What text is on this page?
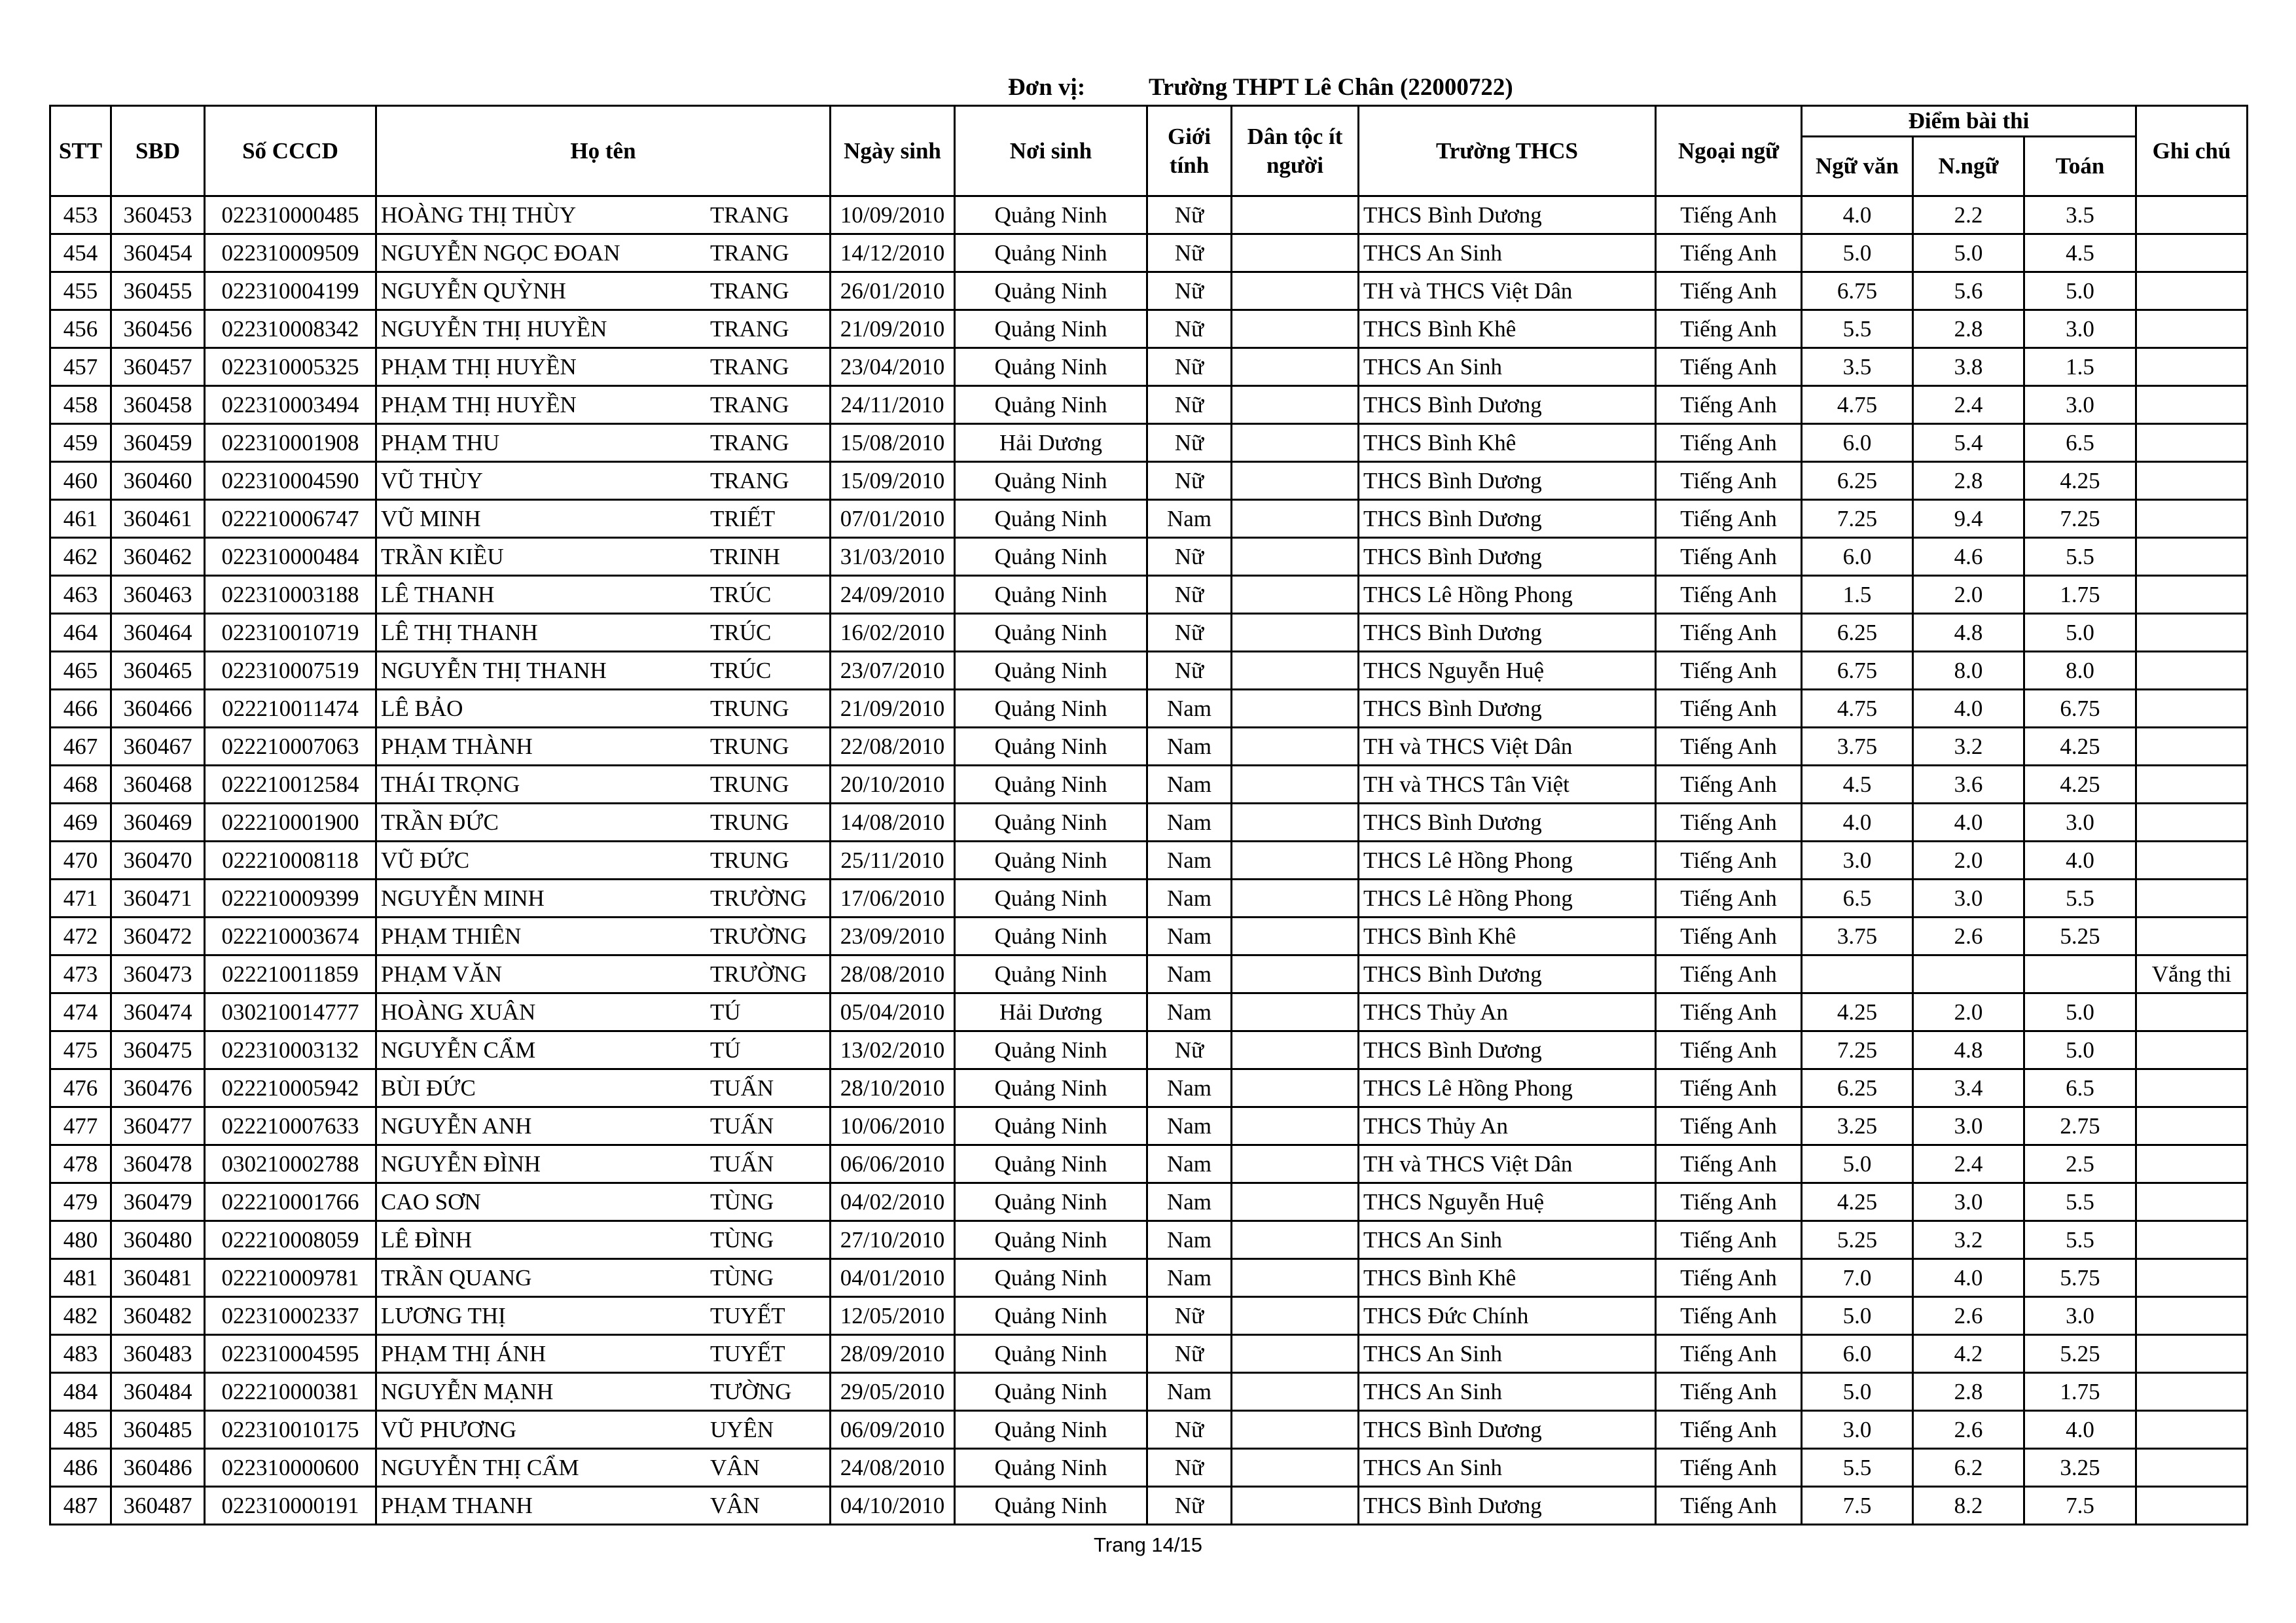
Đơn vị:	Trường THPT Lê Chân (22000722)
STT	SBD	Số CCCD	Họ tên	Ngày sinh	Nơi sinh	Giới tính	Dân tộc ít người	Trường THCS	Ngoại ngữ	Điểm bài thi			Ghi chú
										Ngữ văn	N.ngữ	Toán	
453	360453	022310000485	HOÀNG THỊ THÙY TRANG	10/09/2010	Quảng Ninh	Nữ		THCS Bình Dương	Tiếng Anh	4.0	2.2	3.5	
454	360454	022310009509	NGUYỄN NGỌC ĐOAN TRANG	14/12/2010	Quảng Ninh	Nữ		THCS An Sinh	Tiếng Anh	5.0	5.0	4.5	
455	360455	022310004199	NGUYỄN QUỲNH TRANG	26/01/2010	Quảng Ninh	Nữ		TH và THCS Việt Dân	Tiếng Anh	6.75	5.6	5.0	
456	360456	022310008342	NGUYỄN THỊ HUYỀN TRANG	21/09/2010	Quảng Ninh	Nữ		THCS Bình Khê	Tiếng Anh	5.5	2.8	3.0	
457	360457	022310005325	PHẠM THỊ HUYỀN TRANG	23/04/2010	Quảng Ninh	Nữ		THCS An Sinh	Tiếng Anh	3.5	3.8	1.5	
458	360458	022310003494	PHẠM THỊ HUYỀN TRANG	24/11/2010	Quảng Ninh	Nữ		THCS Bình Dương	Tiếng Anh	4.75	2.4	3.0	
459	360459	022310001908	PHẠM THU TRANG	15/08/2010	Hải Dương	Nữ		THCS Bình Khê	Tiếng Anh	6.0	5.4	6.5	
460	360460	022310004590	VŨ THÙY TRANG	15/09/2010	Quảng Ninh	Nữ		THCS Bình Dương	Tiếng Anh	6.25	2.8	4.25	
461	360461	022210006747	VŨ MINH TRIẾT	07/01/2010	Quảng Ninh	Nam		THCS Bình Dương	Tiếng Anh	7.25	9.4	7.25	
462	360462	022310000484	TRẦN KIỀU TRINH	31/03/2010	Quảng Ninh	Nữ		THCS Bình Dương	Tiếng Anh	6.0	4.6	5.5	
463	360463	022310003188	LÊ THANH TRÚC	24/09/2010	Quảng Ninh	Nữ		THCS Lê Hồng Phong	Tiếng Anh	1.5	2.0	1.75	
464	360464	022310010719	LÊ THỊ THANH TRÚC	16/02/2010	Quảng Ninh	Nữ		THCS Bình Dương	Tiếng Anh	6.25	4.8	5.0	
465	360465	022310007519	NGUYỄN THỊ THANH TRÚC	23/07/2010	Quảng Ninh	Nữ		THCS Nguyễn Huệ	Tiếng Anh	6.75	8.0	8.0	
466	360466	022210011474	LÊ BẢO TRUNG	21/09/2010	Quảng Ninh	Nam		THCS Bình Dương	Tiếng Anh	4.75	4.0	6.75	
467	360467	022210007063	PHẠM THÀNH TRUNG	22/08/2010	Quảng Ninh	Nam		TH và THCS Việt Dân	Tiếng Anh	3.75	3.2	4.25	
468	360468	022210012584	THÁI TRỌNG TRUNG	20/10/2010	Quảng Ninh	Nam		TH và THCS Tân Việt	Tiếng Anh	4.5	3.6	4.25	
469	360469	022210001900	TRẦN ĐỨC TRUNG	14/08/2010	Quảng Ninh	Nam		THCS Bình Dương	Tiếng Anh	4.0	4.0	3.0	
470	360470	022210008118	VŨ ĐỨC TRUNG	25/11/2010	Quảng Ninh	Nam		THCS Lê Hồng Phong	Tiếng Anh	3.0	2.0	4.0	
471	360471	022210009399	NGUYỄN MINH TRƯỜNG	17/06/2010	Quảng Ninh	Nam		THCS Lê Hồng Phong	Tiếng Anh	6.5	3.0	5.5	
472	360472	022210003674	PHẠM THIÊN TRƯỜNG	23/09/2010	Quảng Ninh	Nam		THCS Bình Khê	Tiếng Anh	3.75	2.6	5.25	
473	360473	022210011859	PHẠM VĂN TRƯỜNG	28/08/2010	Quảng Ninh	Nam		THCS Bình Dương	Tiếng Anh				Vắng thi
474	360474	030210014777	HOÀNG XUÂN TÚ	05/04/2010	Hải Dương	Nam		THCS Thủy An	Tiếng Anh	4.25	2.0	5.0	
475	360475	022310003132	NGUYỄN CẨM TÚ	13/02/2010	Quảng Ninh	Nữ		THCS Bình Dương	Tiếng Anh	7.25	4.8	5.0	
476	360476	022210005942	BÙI ĐỨC TUẤN	28/10/2010	Quảng Ninh	Nam		THCS Lê Hồng Phong	Tiếng Anh	6.25	3.4	6.5	
477	360477	022210007633	NGUYỄN ANH TUẤN	10/06/2010	Quảng Ninh	Nam		THCS Thủy An	Tiếng Anh	3.25	3.0	2.75	
478	360478	030210002788	NGUYỄN ĐÌNH TUẤN	06/06/2010	Quảng Ninh	Nam		TH và THCS Việt Dân	Tiếng Anh	5.0	2.4	2.5	
479	360479	022210001766	CAO SƠN TÙNG	04/02/2010	Quảng Ninh	Nam		THCS Nguyễn Huệ	Tiếng Anh	4.25	3.0	5.5	
480	360480	022210008059	LÊ ĐÌNH TÙNG	27/10/2010	Quảng Ninh	Nam		THCS An Sinh	Tiếng Anh	5.25	3.2	5.5	
481	360481	022210009781	TRẦN QUANG TÙNG	04/01/2010	Quảng Ninh	Nam		THCS Bình Khê	Tiếng Anh	7.0	4.0	5.75	
482	360482	022310002337	LƯƠNG THỊ TUYẾT	12/05/2010	Quảng Ninh	Nữ		THCS Đức Chính	Tiếng Anh	5.0	2.6	3.0	
483	360483	022310004595	PHẠM THỊ ÁNH TUYẾT	28/09/2010	Quảng Ninh	Nữ		THCS An Sinh	Tiếng Anh	6.0	4.2	5.25	
484	360484	022210000381	NGUYỄN MẠNH TƯỜNG	29/05/2010	Quảng Ninh	Nam		THCS An Sinh	Tiếng Anh	5.0	2.8	1.75	
485	360485	022310010175	VŨ PHƯƠNG UYÊN	06/09/2010	Quảng Ninh	Nữ		THCS Bình Dương	Tiếng Anh	3.0	2.6	4.0	
486	360486	022310000600	NGUYỄN THỊ CẨM VÂN	24/08/2010	Quảng Ninh	Nữ		THCS An Sinh	Tiếng Anh	5.5	6.2	3.25	
487	360487	022310000191	PHẠM THANH VÂN	04/10/2010	Quảng Ninh	Nữ		THCS Bình Dương	Tiếng Anh	7.5	8.2	7.5	
Trang 14/15
